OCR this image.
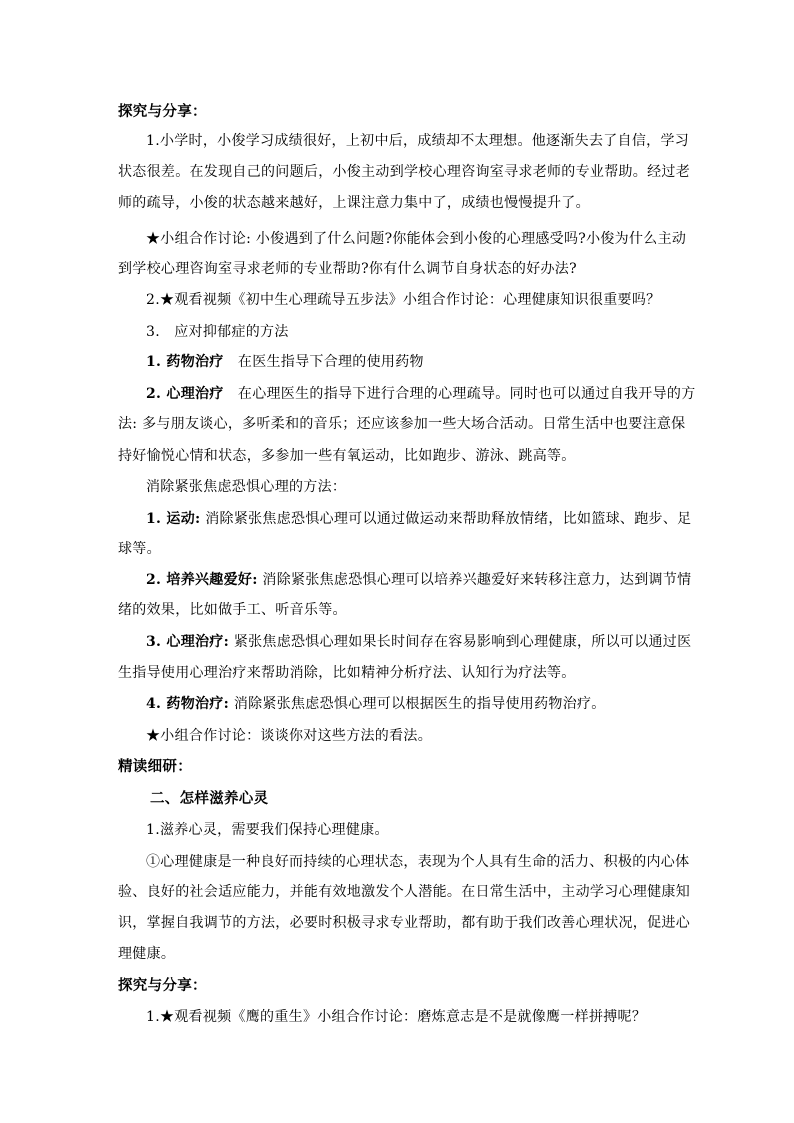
探究与分享：
1.小学时，小俊学习成绩很好，上初中后，成绩却不太理想。他逐渐失去了自信，学习
状态很差。在发现自己的问题后，小俊主动到学校心理咨询室寻求老师的专业帮助。经过老
师的疏导，小俊的状态越来越好，上课注意力集中了，成绩也慢慢提升了。
★小组合作讨论: 小俊遇到了什么问题?你能体会到小俊的心理感受吗?小俊为什么主动
到学校心理咨询室寻求老师的专业帮助?你有什么调节自身状态的好办法?
2.★观看视频《初中生心理疏导五步法》小组合作讨论：心理健康知识很重要吗？
3.　应对抑郁症的方法
1. 药物治疗　在医生指导下合理的使用药物
2. 心理治疗　在心理医生的指导下进行合理的心理疏导。同时也可以通过自我开导的方
法: 多与朋友谈心，多听柔和的音乐；还应该参加一些大场合活动。日常生活中也要注意保
持好愉悦心情和状态，多参加一些有氧运动，比如跑步、游泳、跳高等。
消除紧张焦虑恐惧心理的方法：
1. 运动: 消除紧张焦虑恐惧心理可以通过做运动来帮助释放情绪，比如篮球、跑步、足
球等。
2. 培养兴趣爱好: 消除紧张焦虑恐惧心理可以培养兴趣爱好来转移注意力，达到调节情
绪的效果，比如做手工、听音乐等。
3. 心理治疗: 紧张焦虑恐惧心理如果长时间存在容易影响到心理健康，所以可以通过医
生指导使用心理治疗来帮助消除，比如精神分析疗法、认知行为疗法等。
4. 药物治疗: 消除紧张焦虑恐惧心理可以根据医生的指导使用药物治疗。
★小组合作讨论：谈谈你对这些方法的看法。
精读细研：
二、怎样滋养心灵
1.滋养心灵，需要我们保持心理健康。
①心理健康是一种良好而持续的心理状态，表现为个人具有生命的活力、积极的内心体
验、良好的社会适应能力，并能有效地激发个人潜能。在日常生活中，主动学习心理健康知
识，掌握自我调节的方法，必要时积极寻求专业帮助，都有助于我们改善心理状况，促进心
理健康。
探究与分享：
1.★观看视频《鹰的重生》小组合作讨论：磨炼意志是不是就像鹰一样拼搏呢？
